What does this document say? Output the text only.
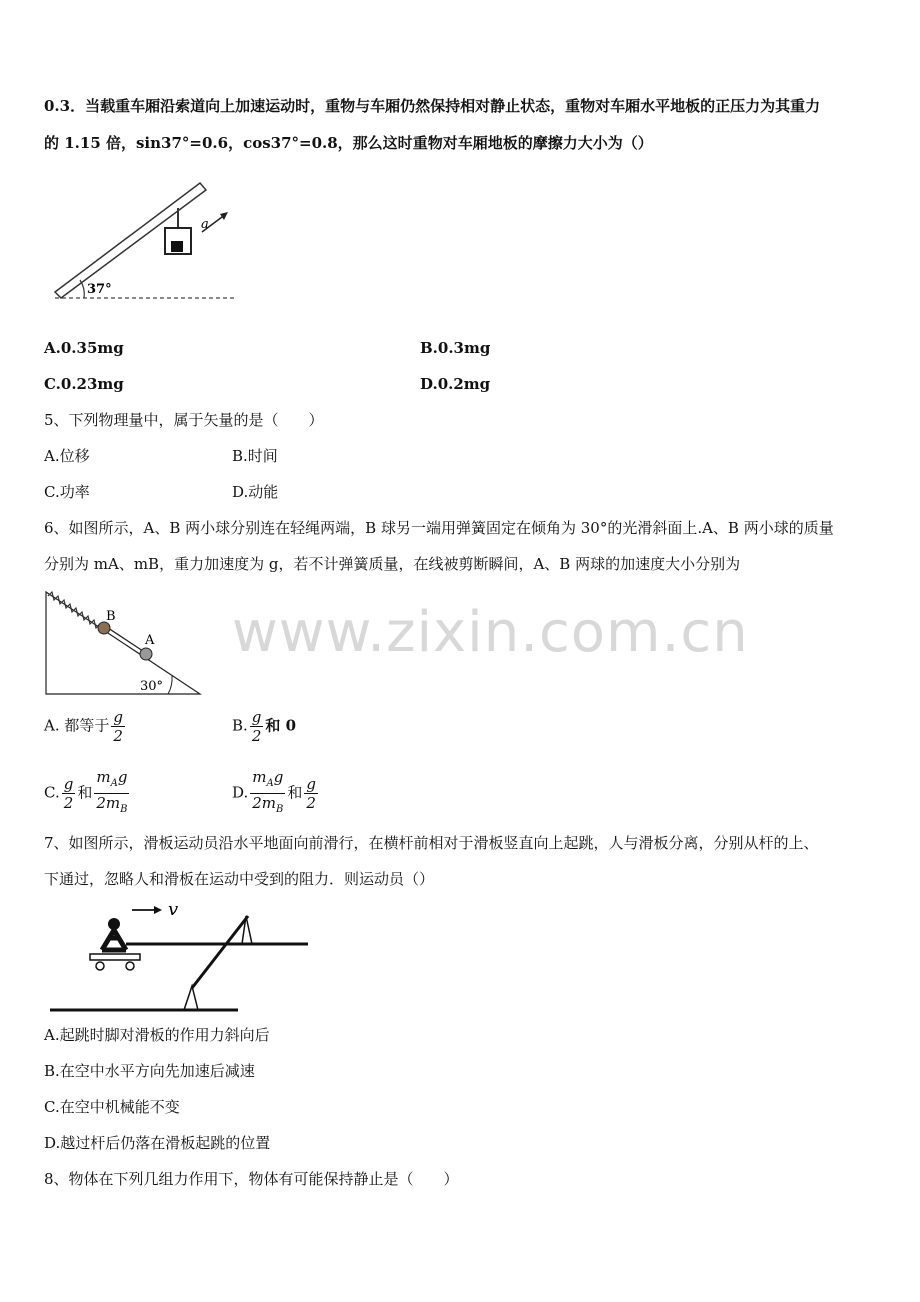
0.3．当载重车厢沿索道向上加速运动时，重物与车厢仍然保持相对静止状态，重物对车厢水平地板的正压力为其重力
的 1.15 倍，sin37°=0.6，cos37°=0.8，那么这时重物对车厢地板的摩擦力大小为（）
a
37°
A.0.35mg	B.0.3mg
C.0.23mg	D.0.2mg
5、下列物理量中，属于矢量的是（　　）
A.位移	B.时间
C.功率	D.动能
6、如图所示，A、B 两小球分别连在轻绳两端，B 球另一端用弹簧固定在倾角为 30°的光滑斜面上.A、B 两小球的质量
分别为 mA、mB，重力加速度为 g，若不计弹簧质量，在线被剪断瞬间，A、B 两球的加速度大小分别为
B
A
30°
A. 都等于 $\frac{g}{2}$	B. $\frac{g}{2}$ 和 0
C. $\frac{g}{2}$ 和 $\frac{m_Ag}{2m_B}$	D. $\frac{m_Ag}{2m_B}$ 和 $\frac{g}{2}$
www.zixin.com.cn
7、如图所示，滑板运动员沿水平地面向前滑行，在横杆前相对于滑板竖直向上起跳，人与滑板分离，分别从杆的上、
下通过，忽略人和滑板在运动中受到的阻力．则运动员（）
v
A.起跳时脚对滑板的作用力斜向后
B.在空中水平方向先加速后减速
C.在空中机械能不变
D.越过杆后仍落在滑板起跳的位置
8、物体在下列几组力作用下，物体有可能保持静止是（　　）
